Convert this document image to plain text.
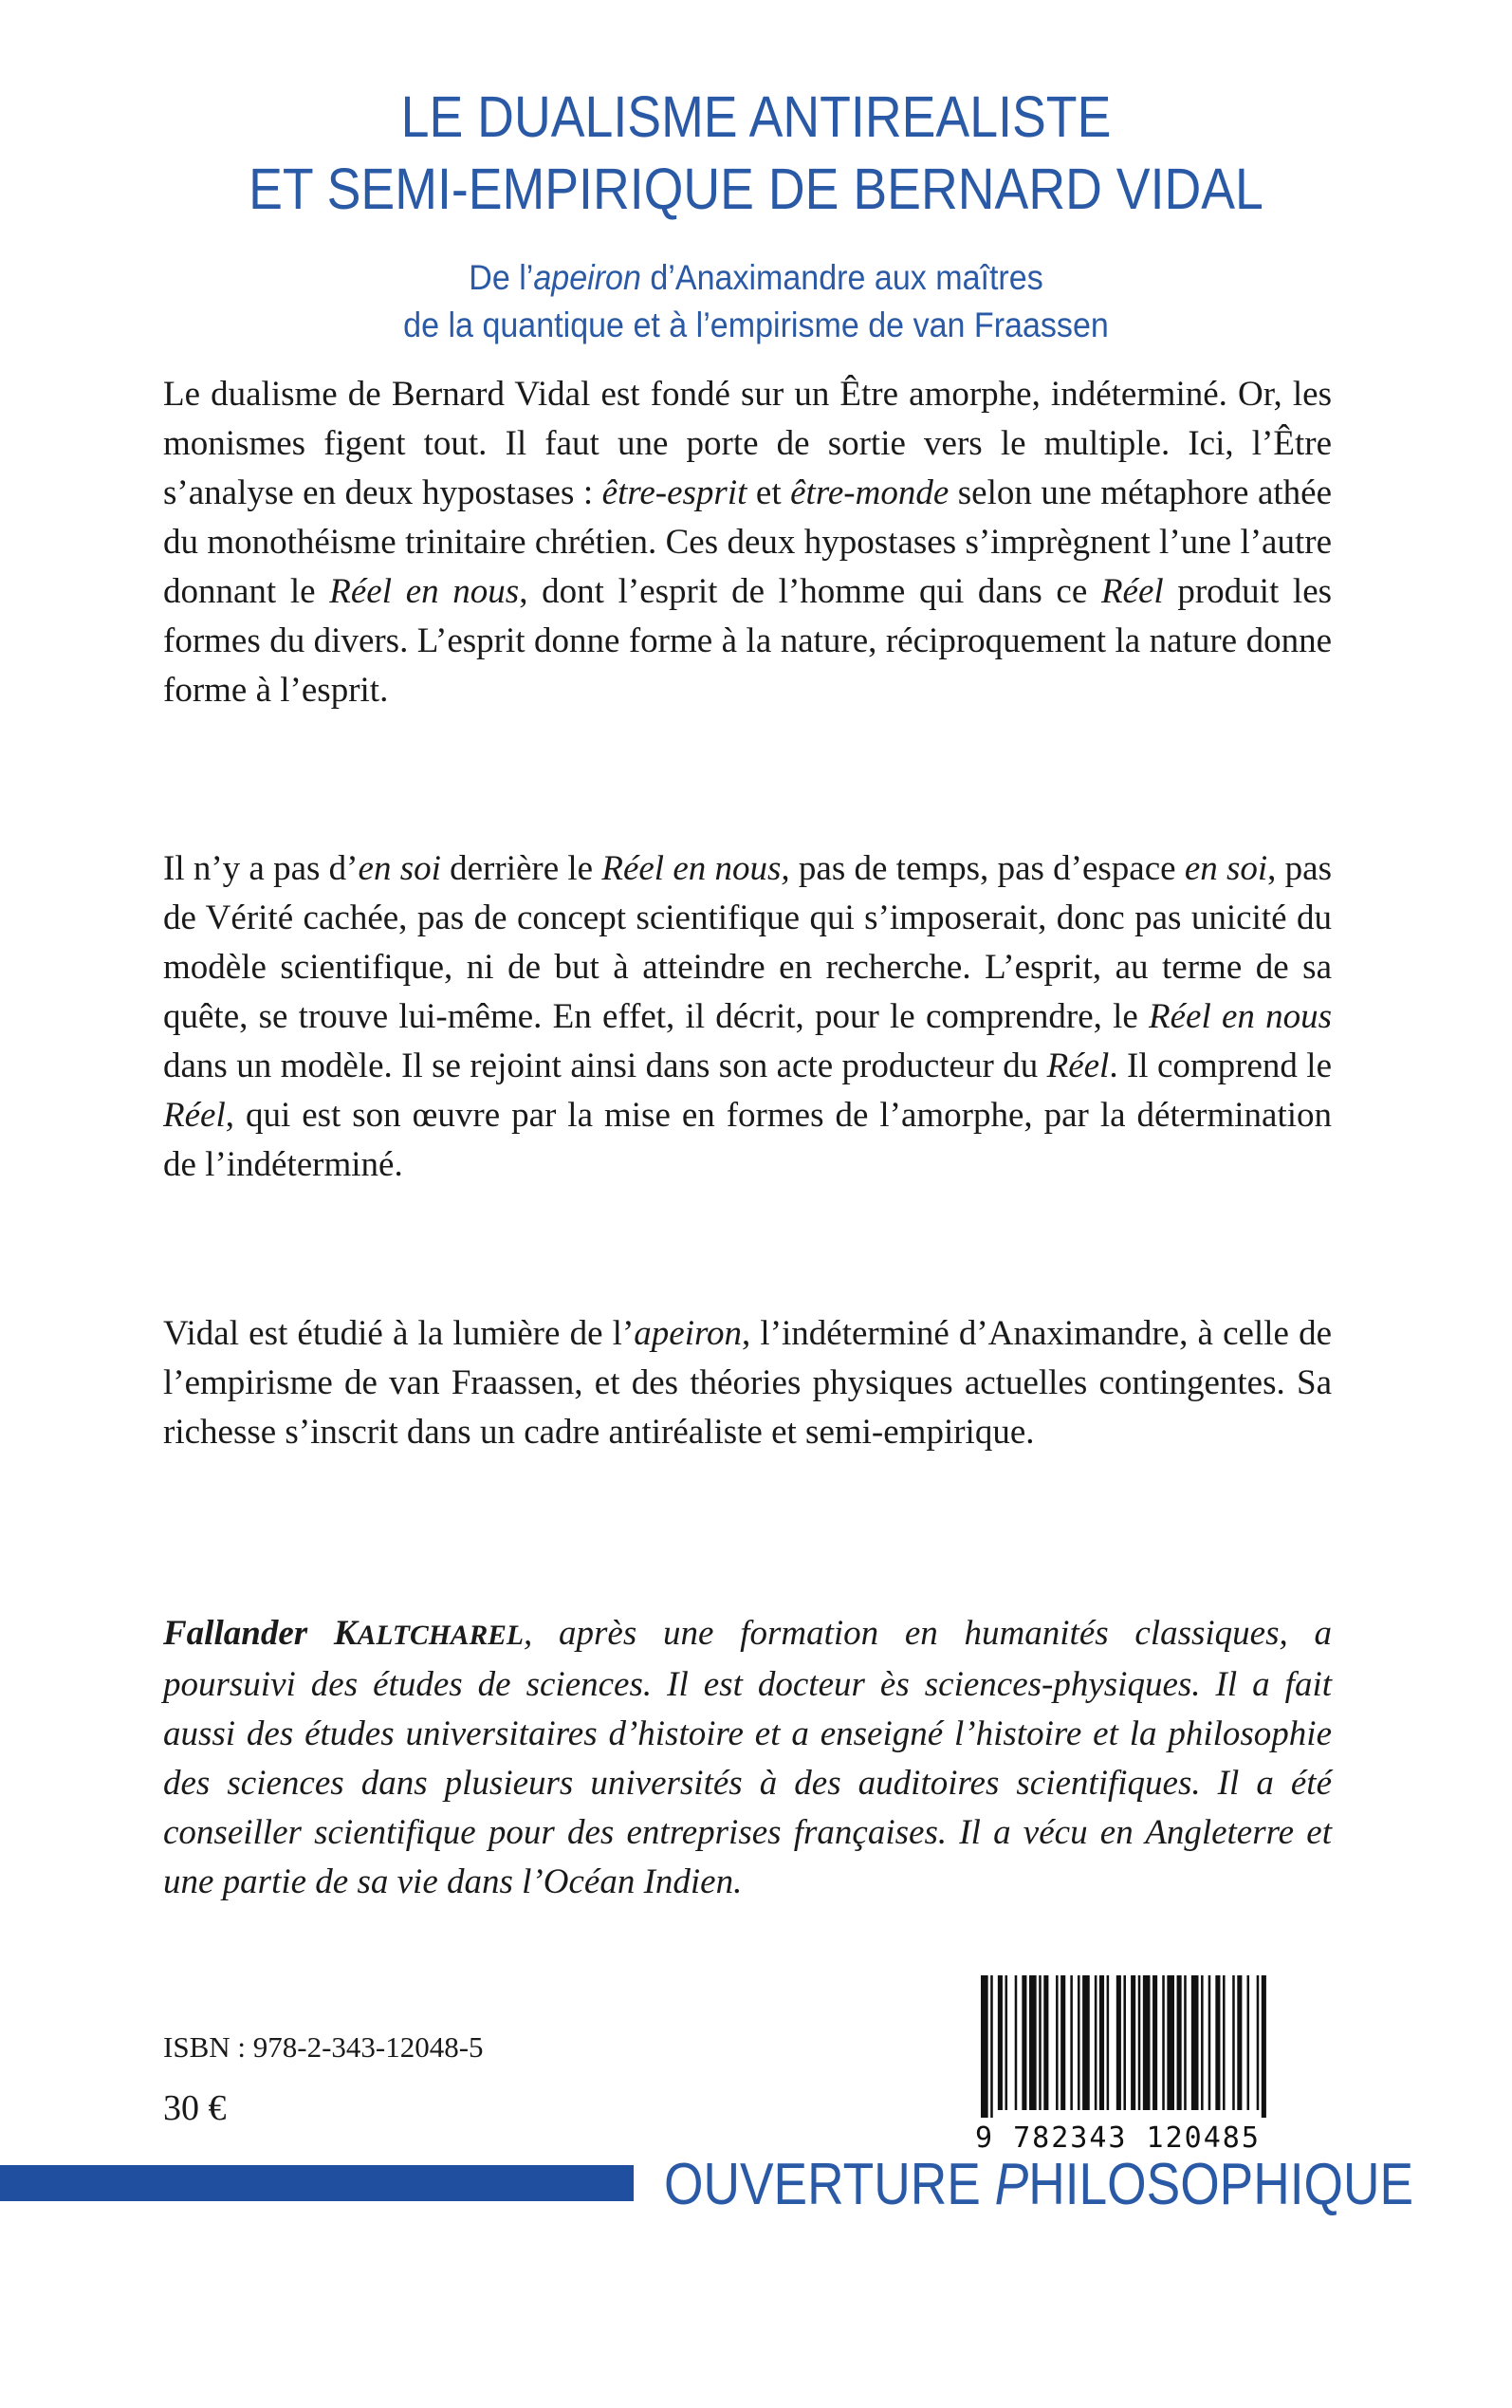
LE DUALISME ANTIREALISTE
ET SEMI-EMPIRIQUE DE BERNARD VIDAL
De l’apeiron d’Anaximandre aux maîtres
de la quantique et à l’empirisme de van Fraassen

Le dualisme de Bernard Vidal est fondé sur un Être amorphe, indéterminé. Or, les monismes figent tout. Il faut une porte de sortie vers le multiple. Ici, l’Être s’analyse en deux hypostases : être-esprit et être-monde selon une métaphore athée du monothéisme trinitaire chrétien. Ces deux hypostases s’imprègnent l’une l’autre donnant le Réel en nous, dont l’esprit de l’homme qui dans ce Réel produit les formes du divers. L’esprit donne forme à la nature, réciproquement la nature donne forme à l’esprit.

Il n’y a pas d’en soi derrière le Réel en nous, pas de temps, pas d’espace en soi, pas de Vérité cachée, pas de concept scientifique qui s’imposerait, donc pas unicité du modèle scientifique, ni de but à atteindre en recherche. L’esprit, au terme de sa quête, se trouve lui-même. En effet, il décrit, pour le comprendre, le Réel en nous dans un modèle. Il se rejoint ainsi dans son acte producteur du Réel. Il comprend le Réel, qui est son œuvre par la mise en formes de l’amorphe, par la détermination de l’indéterminé.

Vidal est étudié à la lumière de l’apeiron, l’indéterminé d’Anaximandre, à celle de l’empirisme de van Fraassen, et des théories physiques actuelles contingentes. Sa richesse s’inscrit dans un cadre antiréaliste et semi-empirique.

Fallander KALTCHAREL, après une formation en humanités classiques, a poursuivi des études de sciences. Il est docteur ès sciences-physiques. Il a fait aussi des études universitaires d’histoire et a enseigné l’histoire et la philosophie des sciences dans plusieurs universités à des auditoires scientifiques. Il a été conseiller scientifique pour des entreprises françaises. Il a vécu en Angleterre et une partie de sa vie dans l’Océan Indien.

ISBN : 978-2-343-12048-5
30 €
9 782343 120485
OUVERTURE PHILOSOPHIQUE
